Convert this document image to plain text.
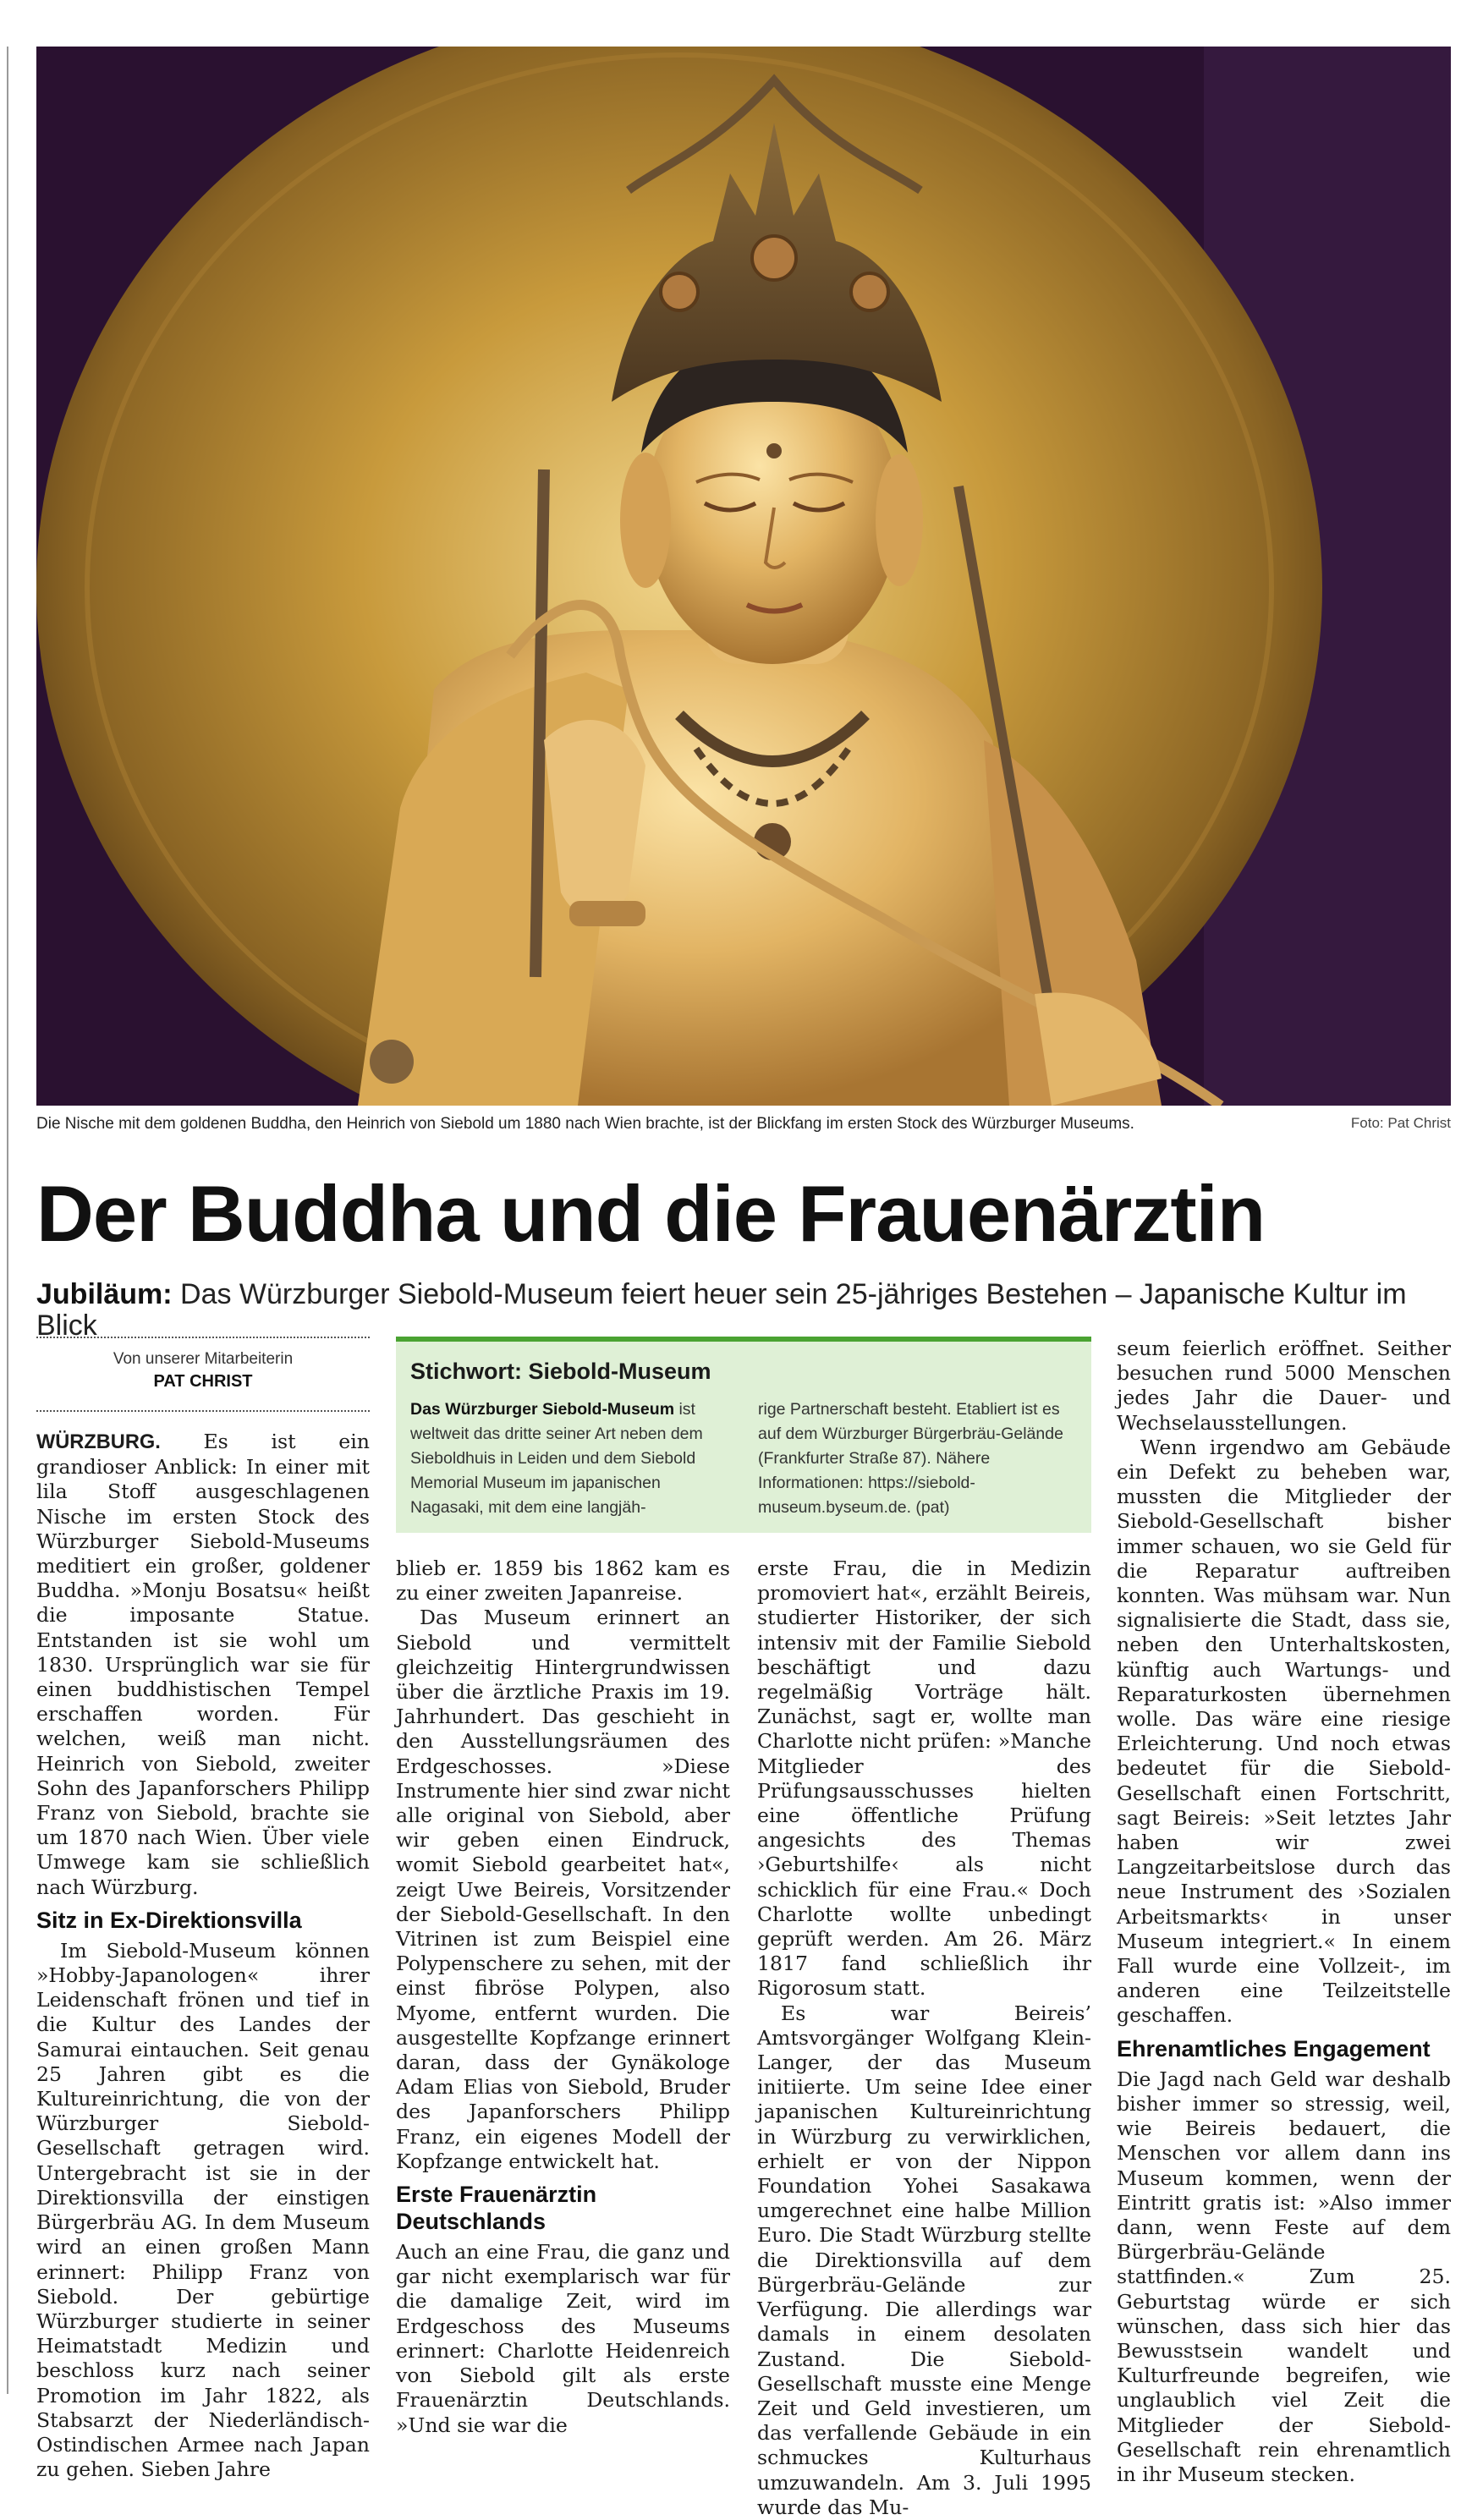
Die Nische mit dem goldenen Buddha, den Heinrich von Siebold um 1880 nach Wien brachte, ist der Blickfang im ersten Stock des Würzburger Museums.	Foto: Pat Christ
Der Buddha und die Frauenärztin
Jubiläum: Das Würzburger Siebold-Museum feiert heuer sein 25-jähriges Bestehen – Japanische Kultur im Blick
Von unserer Mitarbeiterin
PAT CHRIST	Stichwort: Siebold-Museum
Das Würzburger Siebold-Museum ist weltweit das dritte seiner Art neben dem Sieboldhuis in Leiden und dem Siebold Memorial Museum im japanischen Nagasaki, mit dem eine langjäh-
rige Partnerschaft besteht. Etabliert ist es auf dem Würzburger Bürgerbräu-Gelände (Frankfurter Straße 87). Nähere Informationen: https://siebold-museum.byseum.de. (pat)

WÜRZBURG. Es ist ein grandioser Anblick: In einer mit lila Stoff ausgeschlagenen Nische im ersten Stock des Würzburger Siebold-Museums meditiert ein großer, goldener Buddha. »Monju Bosatsu« heißt die imposante Statue. Entstanden ist sie wohl um 1830. Ursprünglich war sie für einen buddhistischen Tempel erschaffen worden. Für welchen, weiß man nicht. Heinrich von Siebold, zweiter Sohn des Japanforschers Philipp Franz von Siebold, brachte sie um 1870 nach Wien. Über viele Umwege kam sie schließlich nach Würzburg.

Sitz in Ex-Direktionsvilla

Im Siebold-Museum können »Hobby-Japanologen« ihrer Leidenschaft frönen und tief in die Kultur des Landes der Samurai eintauchen. Seit genau 25 Jahren gibt es die Kultureinrichtung, die von der Würzburger Siebold-Gesellschaft getragen wird. Untergebracht ist sie in der Direktionsvilla der einstigen Bürgerbräu AG. In dem Museum wird an einen großen Mann erinnert: Philipp Franz von Siebold. Der gebürtige Würzburger studierte in seiner Heimatstadt Medizin und beschloss kurz nach seiner Promotion im Jahr 1822, als Stabsarzt der Niederländisch-Ostindischen Armee nach Japan zu gehen. Sieben Jahre

blieb er. 1859 bis 1862 kam es zu einer zweiten Japanreise.

Das Museum erinnert an Siebold und vermittelt gleichzeitig Hintergrundwissen über die ärztliche Praxis im 19. Jahrhundert. Das geschieht in den Ausstellungsräumen des Erdgeschosses. »Diese Instrumente hier sind zwar nicht alle original von Siebold, aber wir geben einen Eindruck, womit Siebold gearbeitet hat«, zeigt Uwe Beireis, Vorsitzender der Siebold-Gesellschaft. In den Vitrinen ist zum Beispiel eine Polypenschere zu sehen, mit der einst fibröse Polypen, also Myome, entfernt wurden. Die ausgestellte Kopfzange erinnert daran, dass der Gynäkologe Adam Elias von Siebold, Bruder des Japanforschers Philipp Franz, ein eigenes Modell der Kopfzange entwickelt hat.

Erste Frauenärztin Deutschlands

Auch an eine Frau, die ganz und gar nicht exemplarisch war für die damalige Zeit, wird im Erdgeschoss des Museums erinnert: Charlotte Heidenreich von Siebold gilt als erste Frauenärztin Deutschlands. »Und sie war die

erste Frau, die in Medizin promoviert hat«, erzählt Beireis, studierter Historiker, der sich intensiv mit der Familie Siebold beschäftigt und dazu regelmäßig Vorträge hält. Zunächst, sagt er, wollte man Charlotte nicht prüfen: »Manche Mitglieder des Prüfungsausschusses hielten eine öffentliche Prüfung angesichts des Themas ›Geburtshilfe‹ als nicht schicklich für eine Frau.« Doch Charlotte wollte unbedingt geprüft werden. Am 26. März 1817 fand schließlich ihr Rigorosum statt.

Es war Beireis’ Amtsvorgänger Wolfgang Klein-Langer, der das Museum initiierte. Um seine Idee einer japanischen Kultureinrichtung in Würzburg zu verwirklichen, erhielt er von der Nippon Foundation Yohei Sasakawa umgerechnet eine halbe Million Euro. Die Stadt Würzburg stellte die Direktionsvilla auf dem Bürgerbräu-Gelände zur Verfügung. Die allerdings war damals in einem desolaten Zustand. Die Siebold-Gesellschaft musste eine Menge Zeit und Geld investieren, um das verfallende Gebäude in ein schmuckes Kulturhaus umzuwandeln. Am 3. Juli 1995 wurde das Mu-

seum feierlich eröffnet. Seither besuchen rund 5000 Menschen jedes Jahr die Dauer- und Wechselausstellungen.

Wenn irgendwo am Gebäude ein Defekt zu beheben war, mussten die Mitglieder der Siebold-Gesellschaft bisher immer schauen, wo sie Geld für die Reparatur auftreiben konnten. Was mühsam war. Nun signalisierte die Stadt, dass sie, neben den Unterhaltskosten, künftig auch Wartungs- und Reparaturkosten übernehmen wolle. Das wäre eine riesige Erleichterung. Und noch etwas bedeutet für die Siebold-Gesellschaft einen Fortschritt, sagt Beireis: »Seit letztes Jahr haben wir zwei Langzeitarbeitslose durch das neue Instrument des ›Sozialen Arbeitsmarkts‹ in unser Museum integriert.« In einem Fall wurde eine Vollzeit-, im anderen eine Teilzeitstelle geschaffen.

Ehrenamtliches Engagement

Die Jagd nach Geld war deshalb bisher immer so stressig, weil, wie Beireis bedauert, die Menschen vor allem dann ins Museum kommen, wenn der Eintritt gratis ist: »Also immer dann, wenn Feste auf dem Bürgerbräu-Gelände stattfinden.« Zum 25. Geburtstag würde er sich wünschen, dass sich hier das Bewusstsein wandelt und Kulturfreunde begreifen, wie unglaublich viel Zeit die Mitglieder der Siebold-Gesellschaft rein ehrenamtlich in ihr Museum stecken.
